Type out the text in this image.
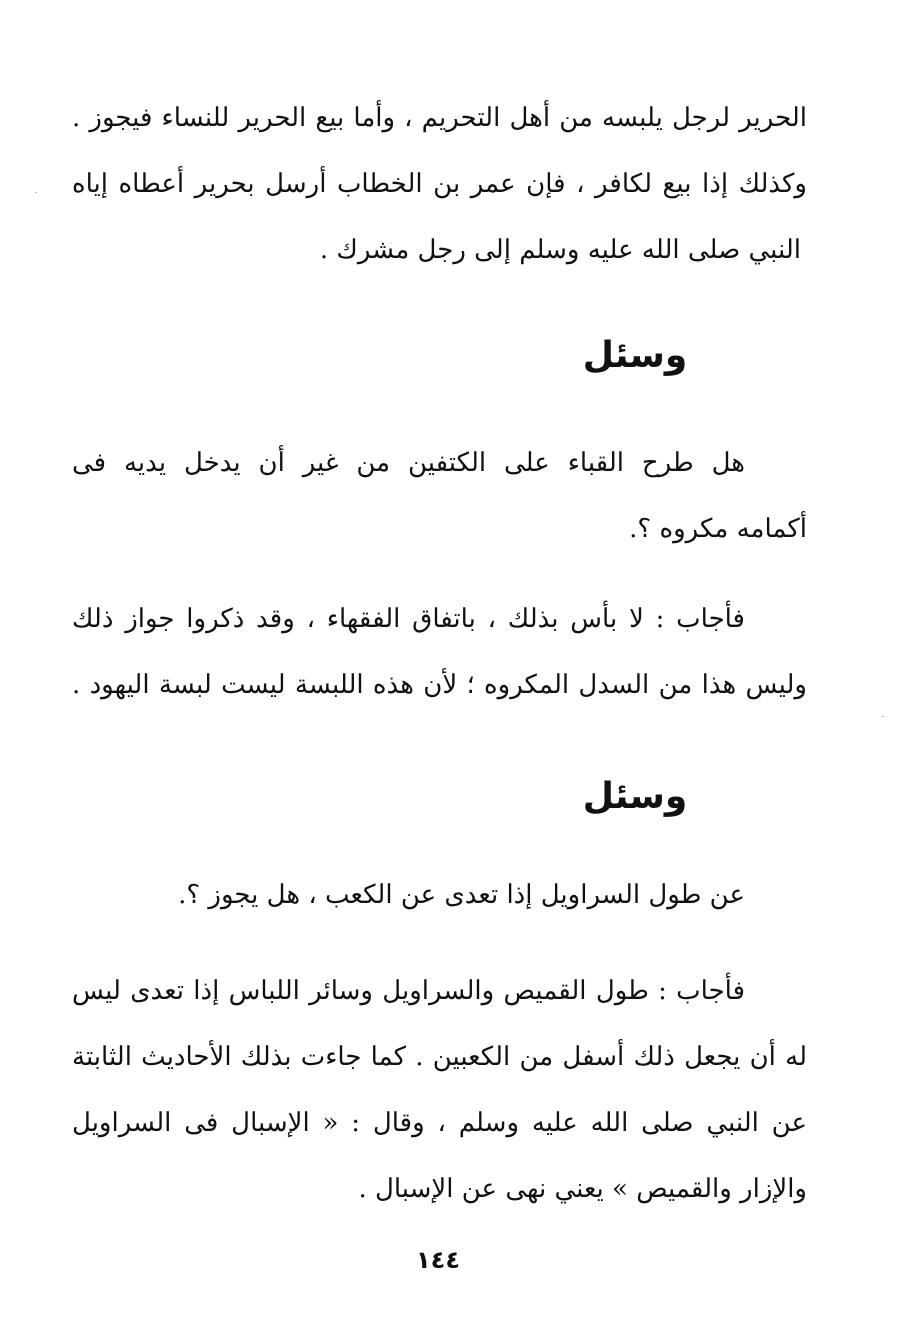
الحرير لرجل يلبسه من أهل التحريم ، وأما بيع الحرير للنساء فيجوز .
وكذلك إذا بيع لكافر ، فإن عمر بن الخطاب أرسل بحرير أعطاه إياه
النبي صلى الله عليه وسلم إلى رجل مشرك .
وسئل
هل طرح القباء على الكتفين من غير أن يدخل يديه فى
أكمامه مكروه ؟.
فأجاب : لا بأس بذلك ، باتفاق الفقهاء ، وقد ذكروا جواز ذلك
وليس هذا من السدل المكروه ؛ لأن هذه اللبسة ليست لبسة اليهود .
وسئل
عن طول السراويل إذا تعدى عن الكعب ، هل يجوز ؟.
فأجاب : طول القميص والسراويل وسائر اللباس إذا تعدى ليس
له أن يجعل ذلك أسفل من الكعبين . كما جاءت بذلك الأحاديث الثابتة
عن النبي صلى الله عليه وسلم ، وقال : « الإسبال فى السراويل
والإزار والقميص » يعني نهى عن الإسبال .
١٤٤
